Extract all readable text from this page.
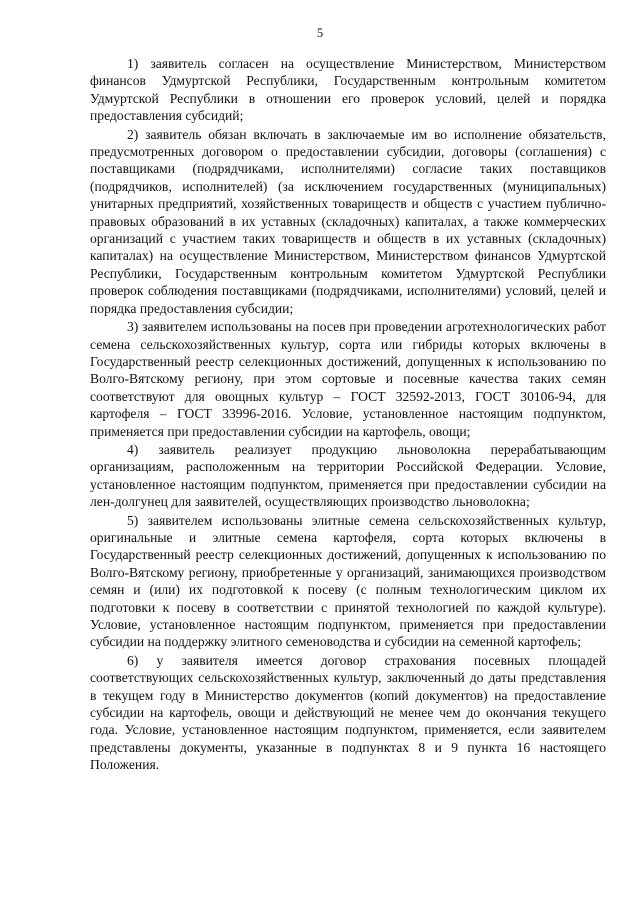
5

1) заявитель согласен на осуществление Министерством, Министерством финансов Удмуртской Республики, Государственным контрольным комитетом Удмуртской Республики в отношении его проверок условий, целей и порядка предоставления субсидий;

2) заявитель обязан включать в заключаемые им во исполнение обязательств, предусмотренных договором о предоставлении субсидии, договоры (соглашения) с поставщиками (подрядчиками, исполнителями) согласие таких поставщиков (подрядчиков, исполнителей) (за исключением государственных (муниципальных) унитарных предприятий, хозяйственных товариществ и обществ с участием публично-правовых образований в их уставных (складочных) капиталах, а также коммерческих организаций с участием таких товариществ и обществ в их уставных (складочных) капиталах) на осуществление Министерством, Министерством финансов Удмуртской Республики, Государственным контрольным комитетом Удмуртской Республики проверок соблюдения поставщиками (подрядчиками, исполнителями) условий, целей и порядка предоставления субсидии;

3) заявителем использованы на посев при проведении агротехнологических работ семена сельскохозяйственных культур, сорта или гибриды которых включены в Государственный реестр селекционных достижений, допущенных к использованию по Волго-Вятскому региону, при этом сортовые и посевные качества таких семян соответствуют для овощных культур – ГОСТ 32592-2013, ГОСТ 30106-94, для картофеля – ГОСТ 33996-2016. Условие, установленное настоящим подпунктом, применяется при предоставлении субсидии на картофель, овощи;

4) заявитель реализует продукцию льноволокна перерабатывающим организациям, расположенным на территории Российской Федерации. Условие, установленное настоящим подпунктом, применяется при предоставлении субсидии на лен-долгунец для заявителей, осуществляющих производство льноволокна;

5) заявителем использованы элитные семена сельскохозяйственных культур, оригинальные и элитные семена картофеля, сорта которых включены в Государственный реестр селекционных достижений, допущенных к использованию по Волго-Вятскому региону, приобретенные у организаций, занимающихся производством семян и (или) их подготовкой к посеву (с полным технологическим циклом их подготовки к посеву в соответствии с принятой технологией по каждой культуре). Условие, установленное настоящим подпунктом, применяется при предоставлении субсидии на поддержку элитного семеноводства и субсидии на семенной картофель;

6) у заявителя имеется договор страхования посевных площадей соответствующих сельскохозяйственных культур, заключенный до даты представления в текущем году в Министерство документов (копий документов) на предоставление субсидии на картофель, овощи и действующий не менее чем до окончания текущего года. Условие, установленное настоящим подпунктом, применяется, если заявителем представлены документы, указанные в подпунктах 8 и 9 пункта 16 настоящего Положения.
